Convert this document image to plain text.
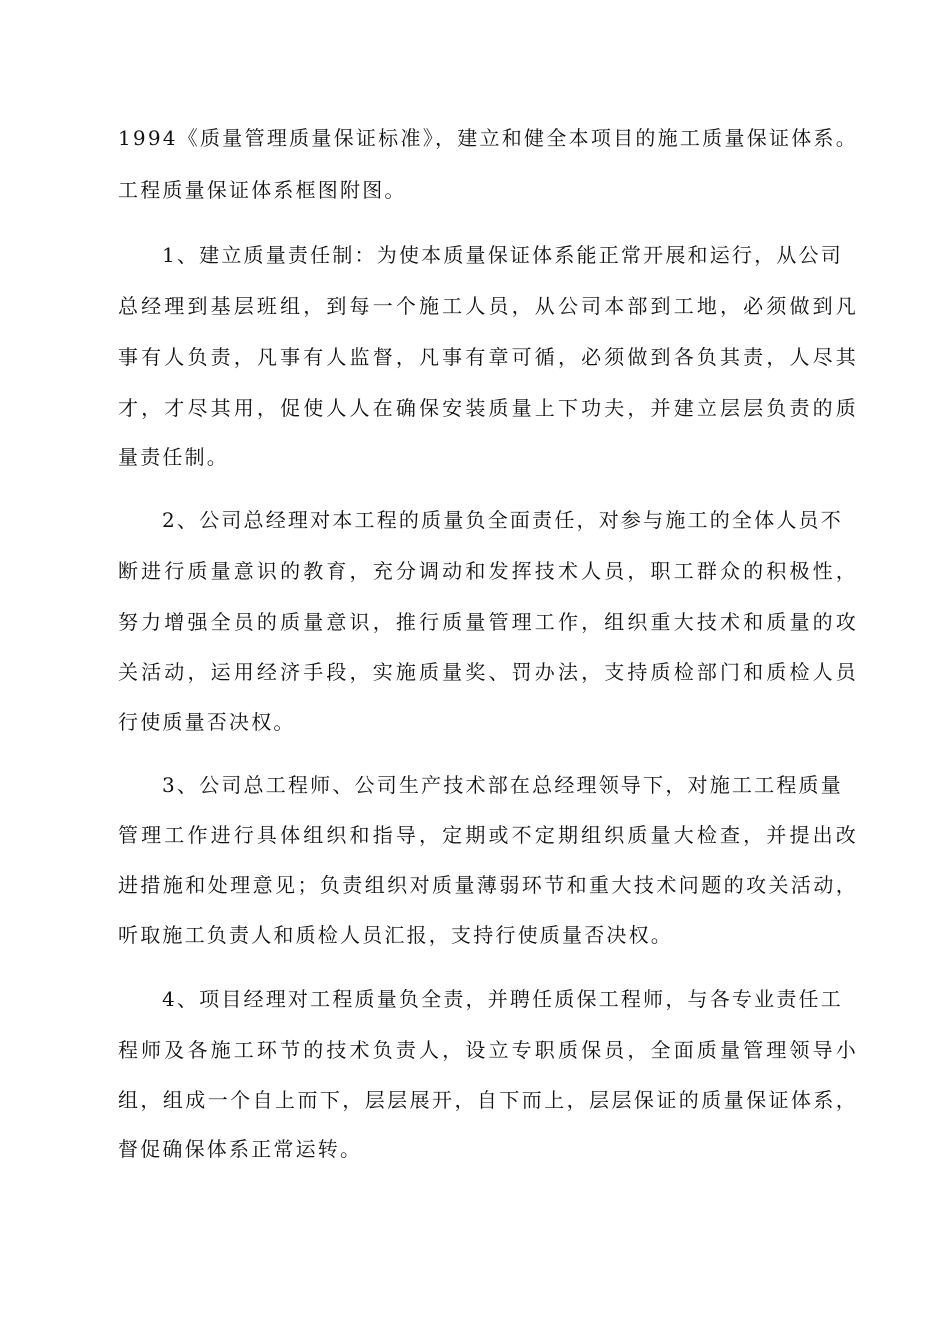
1994《质量管理质量保证标准》，建立和健全本项目的施工质量保证体系。
工程质量保证体系框图附图。
1、建立质量责任制：为使本质量保证体系能正常开展和运行，从公司
总经理到基层班组，到每一个施工人员，从公司本部到工地，必须做到凡
事有人负责，凡事有人监督，凡事有章可循，必须做到各负其责，人尽其
才，才尽其用，促使人人在确保安装质量上下功夫，并建立层层负责的质
量责任制。
2、公司总经理对本工程的质量负全面责任，对参与施工的全体人员不
断进行质量意识的教育，充分调动和发挥技术人员，职工群众的积极性，
努力增强全员的质量意识，推行质量管理工作，组织重大技术和质量的攻
关活动，运用经济手段，实施质量奖、罚办法，支持质检部门和质检人员
行使质量否决权。
3、公司总工程师、公司生产技术部在总经理领导下，对施工工程质量
管理工作进行具体组织和指导，定期或不定期组织质量大检查，并提出改
进措施和处理意见；负责组织对质量薄弱环节和重大技术问题的攻关活动，
听取施工负责人和质检人员汇报，支持行使质量否决权。
4、项目经理对工程质量负全责，并聘任质保工程师，与各专业责任工
程师及各施工环节的技术负责人，设立专职质保员，全面质量管理领导小
组，组成一个自上而下，层层展开，自下而上，层层保证的质量保证体系，
督促确保体系正常运转。
